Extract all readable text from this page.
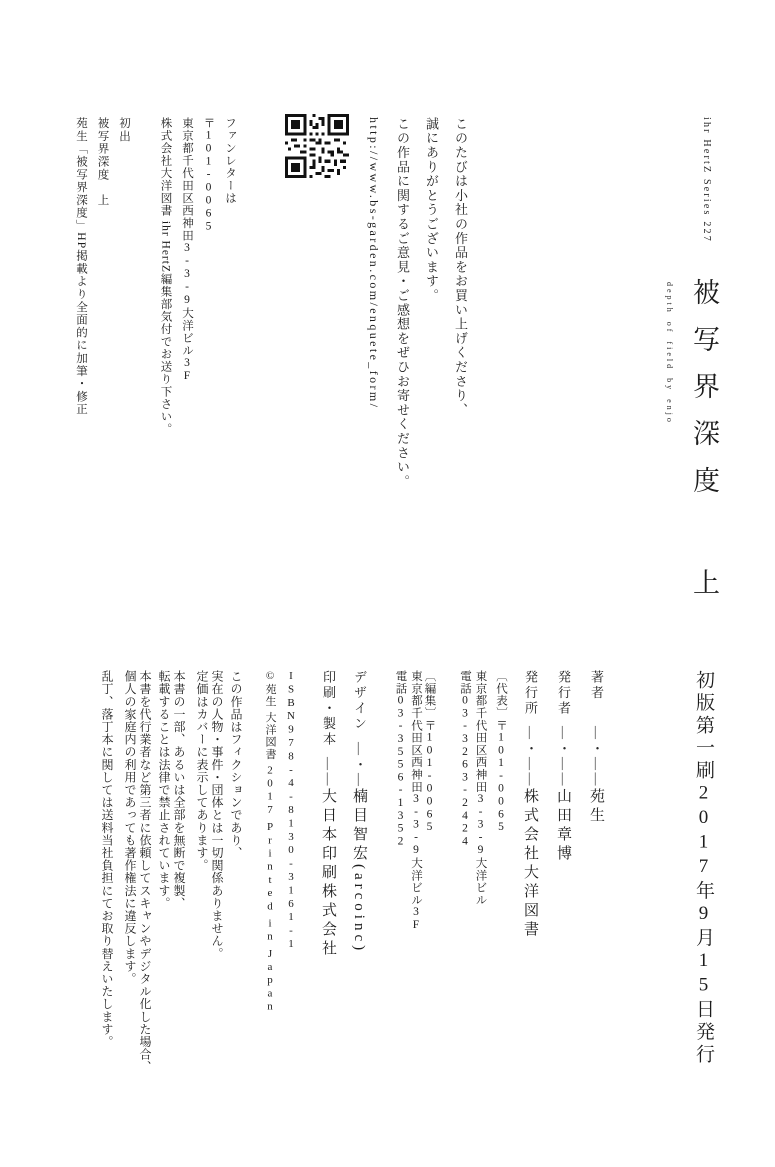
ihr HertZ Series 227
被写界深度上
depth of field by enjo
このたびは小社の作品をお買い上げくださり、
誠にありがとうございます。
この作品に関するご意見・ご感想をぜひお寄せください。
http://www.bs-garden.com/enquete_form/
ファンレターは
〒101-0065
東京都千代田区西神田3-3-9大洋ビル3F
株式会社大洋図書 ihr HertZ編集部気付でお送り下さい。
初出
被写界深度　上
苑生「被写界深度」HP掲載より全面的に加筆・修正
初版第一刷2017年9月15日発行
著者
―・――
苑生
発行者
―・――
山田章博
発行所
―・――
株式会社大洋図書
〔代表〕〒101-0065
東京都千代田区西神田3-3-9大洋ビル
電話03-3263-2424
〔編集〕〒101-0065
東京都千代田区西神田3-3-9大洋ビル3F
電話03-3556-1352
デザイン
―・―
楠目智宏(arcoinc)
印刷・製本
――
大日本印刷株式会社
ISBN978-4-8130-3161-1
©苑生 大洋図書 2017 Printed in Japan
この作品はフィクションであり、
実在の人物・事件・団体とは一切関係ありません。
定価はカバーに表示してあります。
本書の一部、あるいは全部を無断で複製、
転載することは法律で禁止されています。
本書を代行業者など第三者に依頼してスキャンやデジタル化した場合、
個人の家庭内の利用であっても著作権法に違反します。
乱丁、落丁本に関しては送料当社負担にてお取り替えいたします。
